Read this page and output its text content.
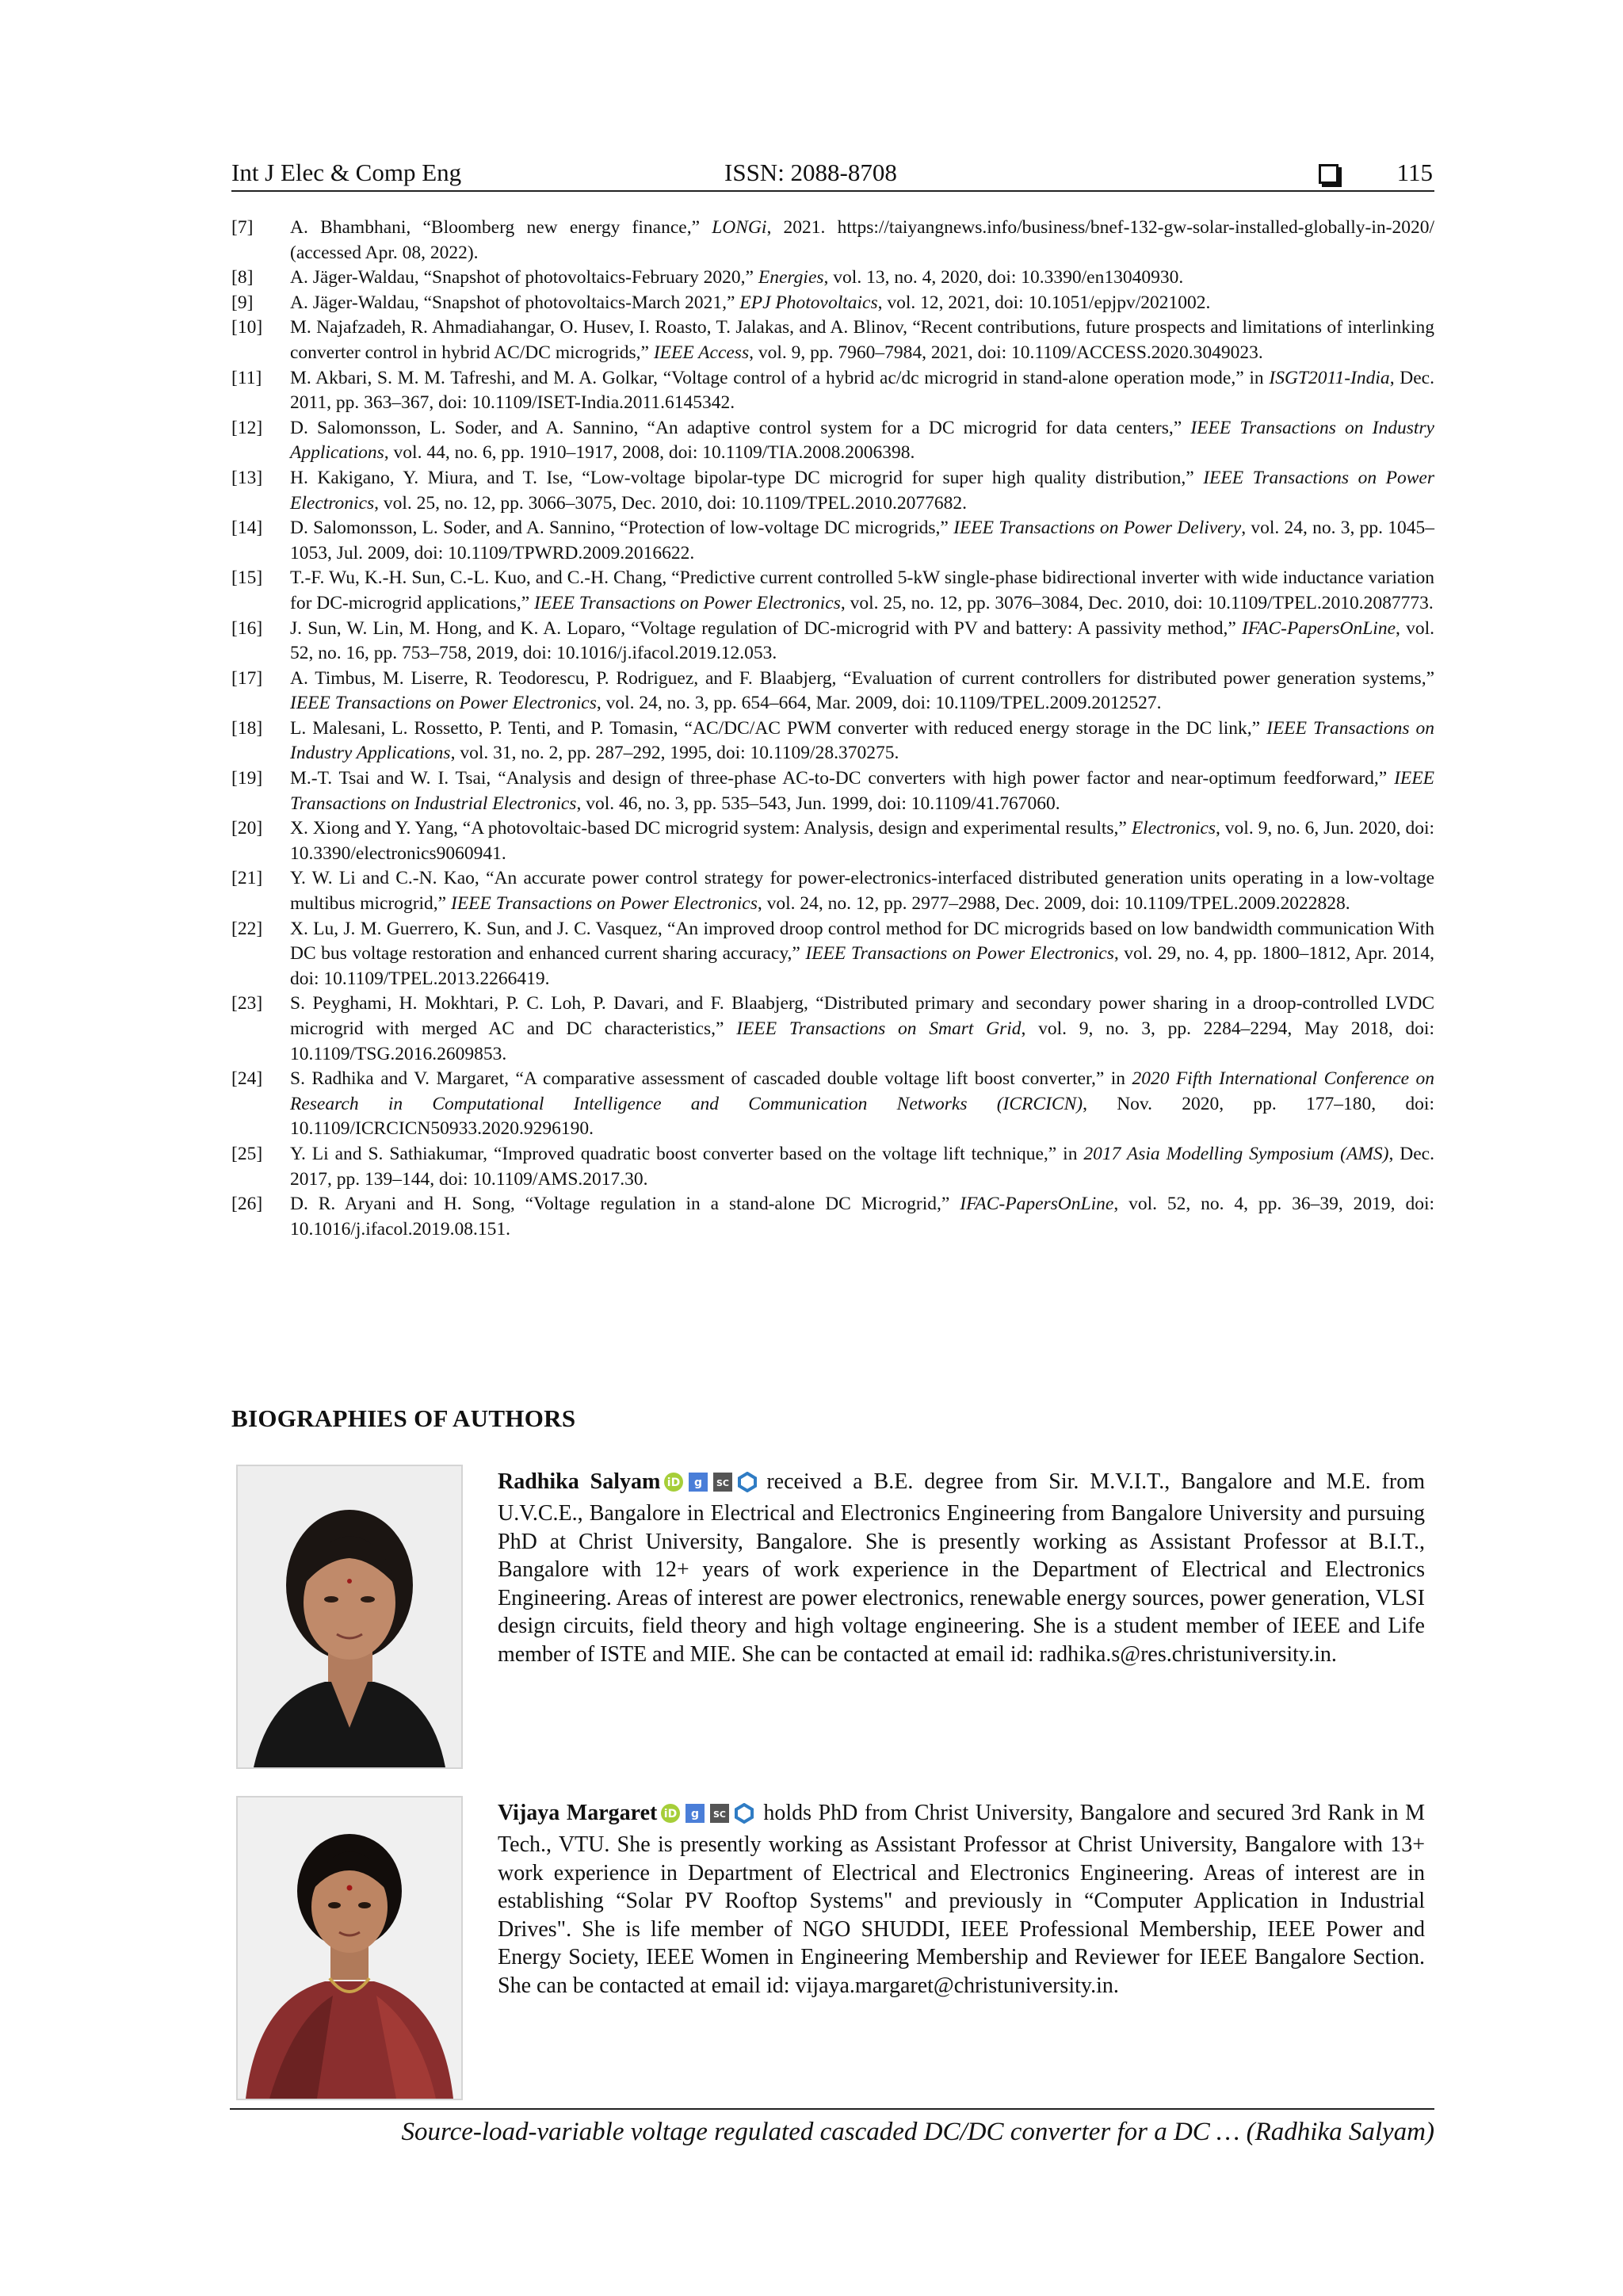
Int J Elec & Comp Eng	ISSN: 2088-8708	115
[7]	A. Bhambhani, “Bloomberg new energy finance,” LONGi, 2021. https://taiyangnews.info/business/bnef-132-gw-solar-installed-globally-in-2020/ (accessed Apr. 08, 2022).
[8]	A. Jäger-Waldau, “Snapshot of photovoltaics-February 2020,” Energies, vol. 13, no. 4, 2020, doi: 10.3390/en13040930.
[9]	A. Jäger-Waldau, “Snapshot of photovoltaics-March 2021,” EPJ Photovoltaics, vol. 12, 2021, doi: 10.1051/epjpv/2021002.
[10]	M. Najafzadeh, R. Ahmadiahangar, O. Husev, I. Roasto, T. Jalakas, and A. Blinov, “Recent contributions, future prospects and limitations of interlinking converter control in hybrid AC/DC microgrids,” IEEE Access, vol. 9, pp. 7960–7984, 2021, doi: 10.1109/ACCESS.2020.3049023.
[11]	M. Akbari, S. M. M. Tafreshi, and M. A. Golkar, “Voltage control of a hybrid ac/dc microgrid in stand-alone operation mode,” in ISGT2011-India, Dec. 2011, pp. 363–367, doi: 10.1109/ISET-India.2011.6145342.
[12]	D. Salomonsson, L. Soder, and A. Sannino, “An adaptive control system for a DC microgrid for data centers,” IEEE Transactions on Industry Applications, vol. 44, no. 6, pp. 1910–1917, 2008, doi: 10.1109/TIA.2008.2006398.
[13]	H. Kakigano, Y. Miura, and T. Ise, “Low-voltage bipolar-type DC microgrid for super high quality distribution,” IEEE Transactions on Power Electronics, vol. 25, no. 12, pp. 3066–3075, Dec. 2010, doi: 10.1109/TPEL.2010.2077682.
[14]	D. Salomonsson, L. Soder, and A. Sannino, “Protection of low-voltage DC microgrids,” IEEE Transactions on Power Delivery, vol. 24, no. 3, pp. 1045–1053, Jul. 2009, doi: 10.1109/TPWRD.2009.2016622.
[15]	T.-F. Wu, K.-H. Sun, C.-L. Kuo, and C.-H. Chang, “Predictive current controlled 5-kW single-phase bidirectional inverter with wide inductance variation for DC-microgrid applications,” IEEE Transactions on Power Electronics, vol. 25, no. 12, pp. 3076–3084, Dec. 2010, doi: 10.1109/TPEL.2010.2087773.
[16]	J. Sun, W. Lin, M. Hong, and K. A. Loparo, “Voltage regulation of DC-microgrid with PV and battery: A passivity method,” IFAC-PapersOnLine, vol. 52, no. 16, pp. 753–758, 2019, doi: 10.1016/j.ifacol.2019.12.053.
[17]	A. Timbus, M. Liserre, R. Teodorescu, P. Rodriguez, and F. Blaabjerg, “Evaluation of current controllers for distributed power generation systems,” IEEE Transactions on Power Electronics, vol. 24, no. 3, pp. 654–664, Mar. 2009, doi: 10.1109/TPEL.2009.2012527.
[18]	L. Malesani, L. Rossetto, P. Tenti, and P. Tomasin, “AC/DC/AC PWM converter with reduced energy storage in the DC link,” IEEE Transactions on Industry Applications, vol. 31, no. 2, pp. 287–292, 1995, doi: 10.1109/28.370275.
[19]	M.-T. Tsai and W. I. Tsai, “Analysis and design of three-phase AC-to-DC converters with high power factor and near-optimum feedforward,” IEEE Transactions on Industrial Electronics, vol. 46, no. 3, pp. 535–543, Jun. 1999, doi: 10.1109/41.767060.
[20]	X. Xiong and Y. Yang, “A photovoltaic-based DC microgrid system: Analysis, design and experimental results,” Electronics, vol. 9, no. 6, Jun. 2020, doi: 10.3390/electronics9060941.
[21]	Y. W. Li and C.-N. Kao, “An accurate power control strategy for power-electronics-interfaced distributed generation units operating in a low-voltage multibus microgrid,” IEEE Transactions on Power Electronics, vol. 24, no. 12, pp. 2977–2988, Dec. 2009, doi: 10.1109/TPEL.2009.2022828.
[22]	X. Lu, J. M. Guerrero, K. Sun, and J. C. Vasquez, “An improved droop control method for DC microgrids based on low bandwidth communication With DC bus voltage restoration and enhanced current sharing accuracy,” IEEE Transactions on Power Electronics, vol. 29, no. 4, pp. 1800–1812, Apr. 2014, doi: 10.1109/TPEL.2013.2266419.
[23]	S. Peyghami, H. Mokhtari, P. C. Loh, P. Davari, and F. Blaabjerg, “Distributed primary and secondary power sharing in a droop-controlled LVDC microgrid with merged AC and DC characteristics,” IEEE Transactions on Smart Grid, vol. 9, no. 3, pp. 2284–2294, May 2018, doi: 10.1109/TSG.2016.2609853.
[24]	S. Radhika and V. Margaret, “A comparative assessment of cascaded double voltage lift boost converter,” in 2020 Fifth International Conference on Research in Computational Intelligence and Communication Networks (ICRCICN), Nov. 2020, pp. 177–180, doi: 10.1109/ICRCICN50933.2020.9296190.
[25]	Y. Li and S. Sathiakumar, “Improved quadratic boost converter based on the voltage lift technique,” in 2017 Asia Modelling Symposium (AMS), Dec. 2017, pp. 139–144, doi: 10.1109/AMS.2017.30.
[26]	D. R. Aryani and H. Song, “Voltage regulation in a stand-alone DC Microgrid,” IFAC-PapersOnLine, vol. 52, no. 4, pp. 36–39, 2019, doi: 10.1016/j.ifacol.2019.08.151.
BIOGRAPHIES OF AUTHORS
Radhika Salyam iD g SC received a B.E. degree from Sir. M.V.I.T., Bangalore and M.E. from U.V.C.E., Bangalore in Electrical and Electronics Engineering from Bangalore University and pursuing PhD at Christ University, Bangalore. She is presently working as Assistant Professor at B.I.T., Bangalore with 12+ years of work experience in the Department of Electrical and Electronics Engineering. Areas of interest are power electronics, renewable energy sources, power generation, VLSI design circuits, field theory and high voltage engineering. She is a student member of IEEE and Life member of ISTE and MIE. She can be contacted at email id: radhika.s@res.christuniversity.in.
Vijaya Margaret iD g SC holds PhD from Christ University, Bangalore and secured 3rd Rank in M Tech., VTU. She is presently working as Assistant Professor at Christ University, Bangalore with 13+ work experience in Department of Electrical and Electronics Engineering. Areas of interest are in establishing “Solar PV Rooftop Systems" and previously in “Computer Application in Industrial Drives". She is life member of NGO SHUDDI, IEEE Professional Membership, IEEE Power and Energy Society, IEEE Women in Engineering Membership and Reviewer for IEEE Bangalore Section. She can be contacted at email id: vijaya.margaret@christuniversity.in.
Source-load-variable voltage regulated cascaded DC/DC converter for a DC … (Radhika Salyam)
